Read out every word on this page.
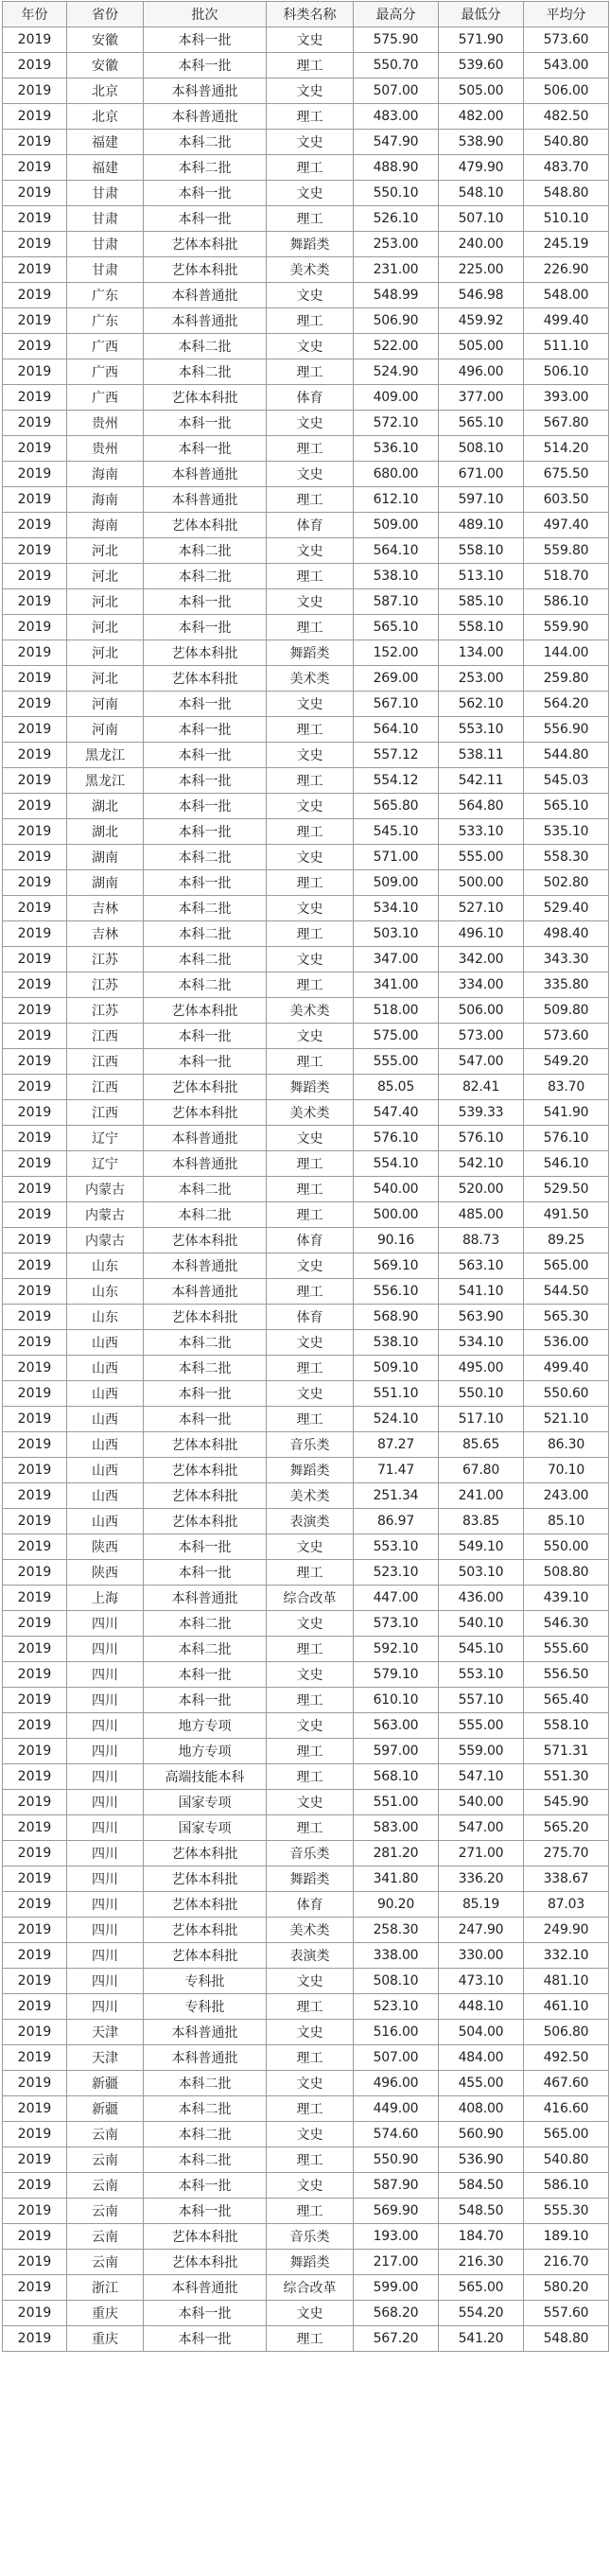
年份	省份	批次	科类名称	最高分	最低分	平均分
2019	安徽	本科一批	文史	575.90	571.90	573.60
2019	安徽	本科一批	理工	550.70	539.60	543.00
2019	北京	本科普通批	文史	507.00	505.00	506.00
2019	北京	本科普通批	理工	483.00	482.00	482.50
2019	福建	本科二批	文史	547.90	538.90	540.80
2019	福建	本科二批	理工	488.90	479.90	483.70
2019	甘肃	本科一批	文史	550.10	548.10	548.80
2019	甘肃	本科一批	理工	526.10	507.10	510.10
2019	甘肃	艺体本科批	舞蹈类	253.00	240.00	245.19
2019	甘肃	艺体本科批	美术类	231.00	225.00	226.90
2019	广东	本科普通批	文史	548.99	546.98	548.00
2019	广东	本科普通批	理工	506.90	459.92	499.40
2019	广西	本科二批	文史	522.00	505.00	511.10
2019	广西	本科二批	理工	524.90	496.00	506.10
2019	广西	艺体本科批	体育	409.00	377.00	393.00
2019	贵州	本科一批	文史	572.10	565.10	567.80
2019	贵州	本科一批	理工	536.10	508.10	514.20
2019	海南	本科普通批	文史	680.00	671.00	675.50
2019	海南	本科普通批	理工	612.10	597.10	603.50
2019	海南	艺体本科批	体育	509.00	489.10	497.40
2019	河北	本科二批	文史	564.10	558.10	559.80
2019	河北	本科二批	理工	538.10	513.10	518.70
2019	河北	本科一批	文史	587.10	585.10	586.10
2019	河北	本科一批	理工	565.10	558.10	559.90
2019	河北	艺体本科批	舞蹈类	152.00	134.00	144.00
2019	河北	艺体本科批	美术类	269.00	253.00	259.80
2019	河南	本科一批	文史	567.10	562.10	564.20
2019	河南	本科一批	理工	564.10	553.10	556.90
2019	黑龙江	本科一批	文史	557.12	538.11	544.80
2019	黑龙江	本科一批	理工	554.12	542.11	545.03
2019	湖北	本科一批	文史	565.80	564.80	565.10
2019	湖北	本科一批	理工	545.10	533.10	535.10
2019	湖南	本科二批	文史	571.00	555.00	558.30
2019	湖南	本科一批	理工	509.00	500.00	502.80
2019	吉林	本科二批	文史	534.10	527.10	529.40
2019	吉林	本科二批	理工	503.10	496.10	498.40
2019	江苏	本科二批	文史	347.00	342.00	343.30
2019	江苏	本科二批	理工	341.00	334.00	335.80
2019	江苏	艺体本科批	美术类	518.00	506.00	509.80
2019	江西	本科一批	文史	575.00	573.00	573.60
2019	江西	本科一批	理工	555.00	547.00	549.20
2019	江西	艺体本科批	舞蹈类	85.05	82.41	83.70
2019	江西	艺体本科批	美术类	547.40	539.33	541.90
2019	辽宁	本科普通批	文史	576.10	576.10	576.10
2019	辽宁	本科普通批	理工	554.10	542.10	546.10
2019	内蒙古	本科二批	理工	540.00	520.00	529.50
2019	内蒙古	本科二批	理工	500.00	485.00	491.50
2019	内蒙古	艺体本科批	体育	90.16	88.73	89.25
2019	山东	本科普通批	文史	569.10	563.10	565.00
2019	山东	本科普通批	理工	556.10	541.10	544.50
2019	山东	艺体本科批	体育	568.90	563.90	565.30
2019	山西	本科二批	文史	538.10	534.10	536.00
2019	山西	本科二批	理工	509.10	495.00	499.40
2019	山西	本科一批	文史	551.10	550.10	550.60
2019	山西	本科一批	理工	524.10	517.10	521.10
2019	山西	艺体本科批	音乐类	87.27	85.65	86.30
2019	山西	艺体本科批	舞蹈类	71.47	67.80	70.10
2019	山西	艺体本科批	美术类	251.34	241.00	243.00
2019	山西	艺体本科批	表演类	86.97	83.85	85.10
2019	陕西	本科一批	文史	553.10	549.10	550.00
2019	陕西	本科一批	理工	523.10	503.10	508.80
2019	上海	本科普通批	综合改革	447.00	436.00	439.10
2019	四川	本科二批	文史	573.10	540.10	546.30
2019	四川	本科二批	理工	592.10	545.10	555.60
2019	四川	本科一批	文史	579.10	553.10	556.50
2019	四川	本科一批	理工	610.10	557.10	565.40
2019	四川	地方专项	文史	563.00	555.00	558.10
2019	四川	地方专项	理工	597.00	559.00	571.31
2019	四川	高端技能本科	理工	568.10	547.10	551.30
2019	四川	国家专项	文史	551.00	540.00	545.90
2019	四川	国家专项	理工	583.00	547.00	565.20
2019	四川	艺体本科批	音乐类	281.20	271.00	275.70
2019	四川	艺体本科批	舞蹈类	341.80	336.20	338.67
2019	四川	艺体本科批	体育	90.20	85.19	87.03
2019	四川	艺体本科批	美术类	258.30	247.90	249.90
2019	四川	艺体本科批	表演类	338.00	330.00	332.10
2019	四川	专科批	文史	508.10	473.10	481.10
2019	四川	专科批	理工	523.10	448.10	461.10
2019	天津	本科普通批	文史	516.00	504.00	506.80
2019	天津	本科普通批	理工	507.00	484.00	492.50
2019	新疆	本科二批	文史	496.00	455.00	467.60
2019	新疆	本科二批	理工	449.00	408.00	416.60
2019	云南	本科二批	文史	574.60	560.90	565.00
2019	云南	本科二批	理工	550.90	536.90	540.80
2019	云南	本科一批	文史	587.90	584.50	586.10
2019	云南	本科一批	理工	569.90	548.50	555.30
2019	云南	艺体本科批	音乐类	193.00	184.70	189.10
2019	云南	艺体本科批	舞蹈类	217.00	216.30	216.70
2019	浙江	本科普通批	综合改革	599.00	565.00	580.20
2019	重庆	本科一批	文史	568.20	554.20	557.60
2019	重庆	本科一批	理工	567.20	541.20	548.80
